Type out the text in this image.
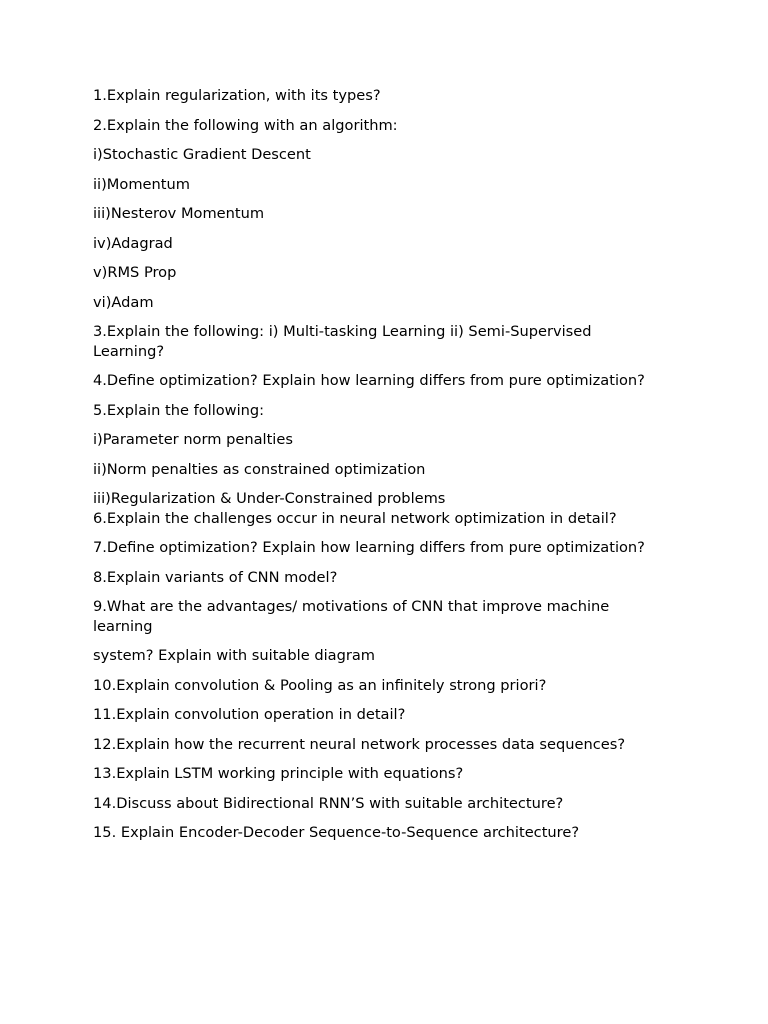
1.Explain regularization, with its types?
2.Explain the following with an algorithm:
i)Stochastic Gradient Descent
ii)Momentum
iii)Nesterov Momentum
iv)Adagrad
v)RMS Prop
vi)Adam
3.Explain the following: i) Multi-tasking Learning ii) Semi-Supervised Learning?
4.Define optimization? Explain how learning differs from pure optimization?
5.Explain the following:
i)Parameter norm penalties
ii)Norm penalties as constrained optimization
iii)Regularization & Under-Constrained problems
6.Explain the challenges occur in neural network optimization in detail?
7.Define optimization? Explain how learning differs from pure optimization?
8.Explain variants of CNN model?
9.What are the advantages/ motivations of CNN that improve machine learning
system? Explain with suitable diagram
10.Explain convolution & Pooling as an infinitely strong priori?
11.Explain convolution operation in detail?
12.Explain how the recurrent neural network processes data sequences?
13.Explain LSTM working principle with equations?
14.Discuss about Bidirectional RNN’S with suitable architecture?
15. Explain Encoder-Decoder Sequence-to-Sequence architecture?
